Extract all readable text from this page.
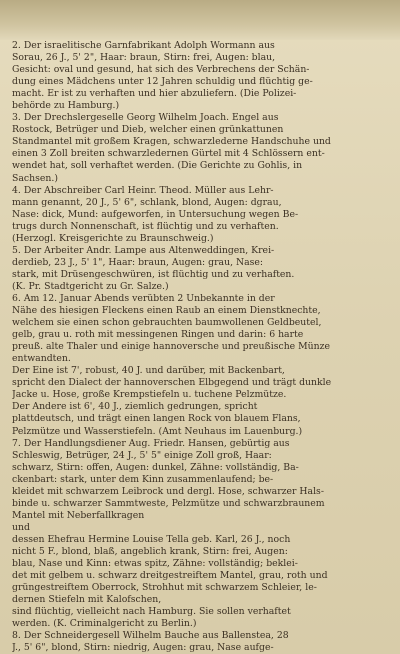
2. Der israelitische Garnfabrikant Adolph Wormann aus
Sorau, 26 J., 5' 2", Haar: braun, Stirn: frei, Augen: blau,
Gesicht: oval und gesund, hat sich des Verbrechens der Schän-
dung eines Mädchens unter 12 Jahren schuldig und flüchtig ge-
macht. Er ist zu verhaften und hier abzuliefern. (Die Polizei-
behörde zu Hamburg.)
3. Der Drechslergeselle Georg Wilhelm Joach. Engel aus
Rostock, Betrüger und Dieb, welcher einen grünkattunen
Standmantel mit großem Kragen, schwarzlederne Handschuhe und
einen 3 Zoll breiten schwarzledernen Gürtel mit 4 Schlössern ent-
wendet hat, soll verhaftet werden. (Die Gerichte zu Gohlis, in
Sachsen.)
4. Der Abschreiber Carl Heinr. Theod. Müller aus Lehr-
mann genannt, 20 J., 5' 6", schlank, blond, Augen: dgrau,
Nase: dick, Mund: aufgeworfen, in Untersuchung wegen Be-
trugs durch Nonnenschaft, ist flüchtig und zu verhaften.
(Herzogl. Kreisgerichte zu Braunschweig.)
5. Der Arbeiter Andr. Lampe aus Altenweddingen, Krei-
derdieb, 23 J., 5' 1", Haar: braun, Augen: grau, Nase:
stark, mit Drüsengeschwüren, ist flüchtig und zu verhaften.
(K. Pr. Stadtgericht zu Gr. Salze.)
6. Am 12. Januar Abends verübten 2 Unbekannte in der
Nähe des hiesigen Fleckens einen Raub an einem Dienstknechte,
welchem sie einen schon gebrauchten baumwollenen Geldbeutel,
gelb, grau u. roth mit messingenen Ringen und darin: 6 harte
preuß. alte Thaler und einige hannoversche und preußische Münze
entwandten.
Der Eine ist 7', robust, 40 J. und darüber, mit Backenbart,
spricht den Dialect der hannoverschen Elbgegend und trägt dunkle
Jacke u. Hose, große Krempstiefeln u. tuchene Pelzmütze.
Der Andere ist 6', 40 J., ziemlich gedrungen, spricht
plattdeutsch, und trägt einen langen Rock von blauem Flans,
Pelzmütze und Wasserstiefeln. (Amt Neuhaus im Lauenburg.)
7. Der Handlungsdiener Aug. Friedr. Hansen, gebürtig aus
Schleswig, Betrüger, 24 J., 5' 5" einige Zoll groß, Haar:
schwarz, Stirn: offen, Augen: dunkel, Zähne: vollständig, Ba-
ckenbart: stark, unter dem Kinn zusammenlaufend; be-
kleidet mit schwarzem Leibrock und dergl. Hose, schwarzer Hals-
binde u. schwarzer Sammtweste, Pelzmütze und schwarzbraunem
Mantel mit Neberfallkragen
und
dessen Ehefrau Hermine Louise Tella geb. Karl, 26 J., noch
nicht 5 F., blond, blaß, angeblich krank, Stirn: frei, Augen:
blau, Nase und Kinn: etwas spitz, Zähne: vollständig; beklei-
det mit gelbem u. schwarz dreitgestreiftem Mantel, grau, roth und
grüngestreiftem Oberrock, Strohhut mit schwarzem Schleier, le-
dernen Stiefeln mit Kalofschen,
sind flüchtig, vielleicht nach Hamburg. Sie sollen verhaftet
werden. (K. Criminalgericht zu Berlin.)
8. Der Schneidergesell Wilhelm Bauche aus Ballenstea, 28
J., 5' 6", blond, Stirn: niedrig, Augen: grau, Nase aufge-
